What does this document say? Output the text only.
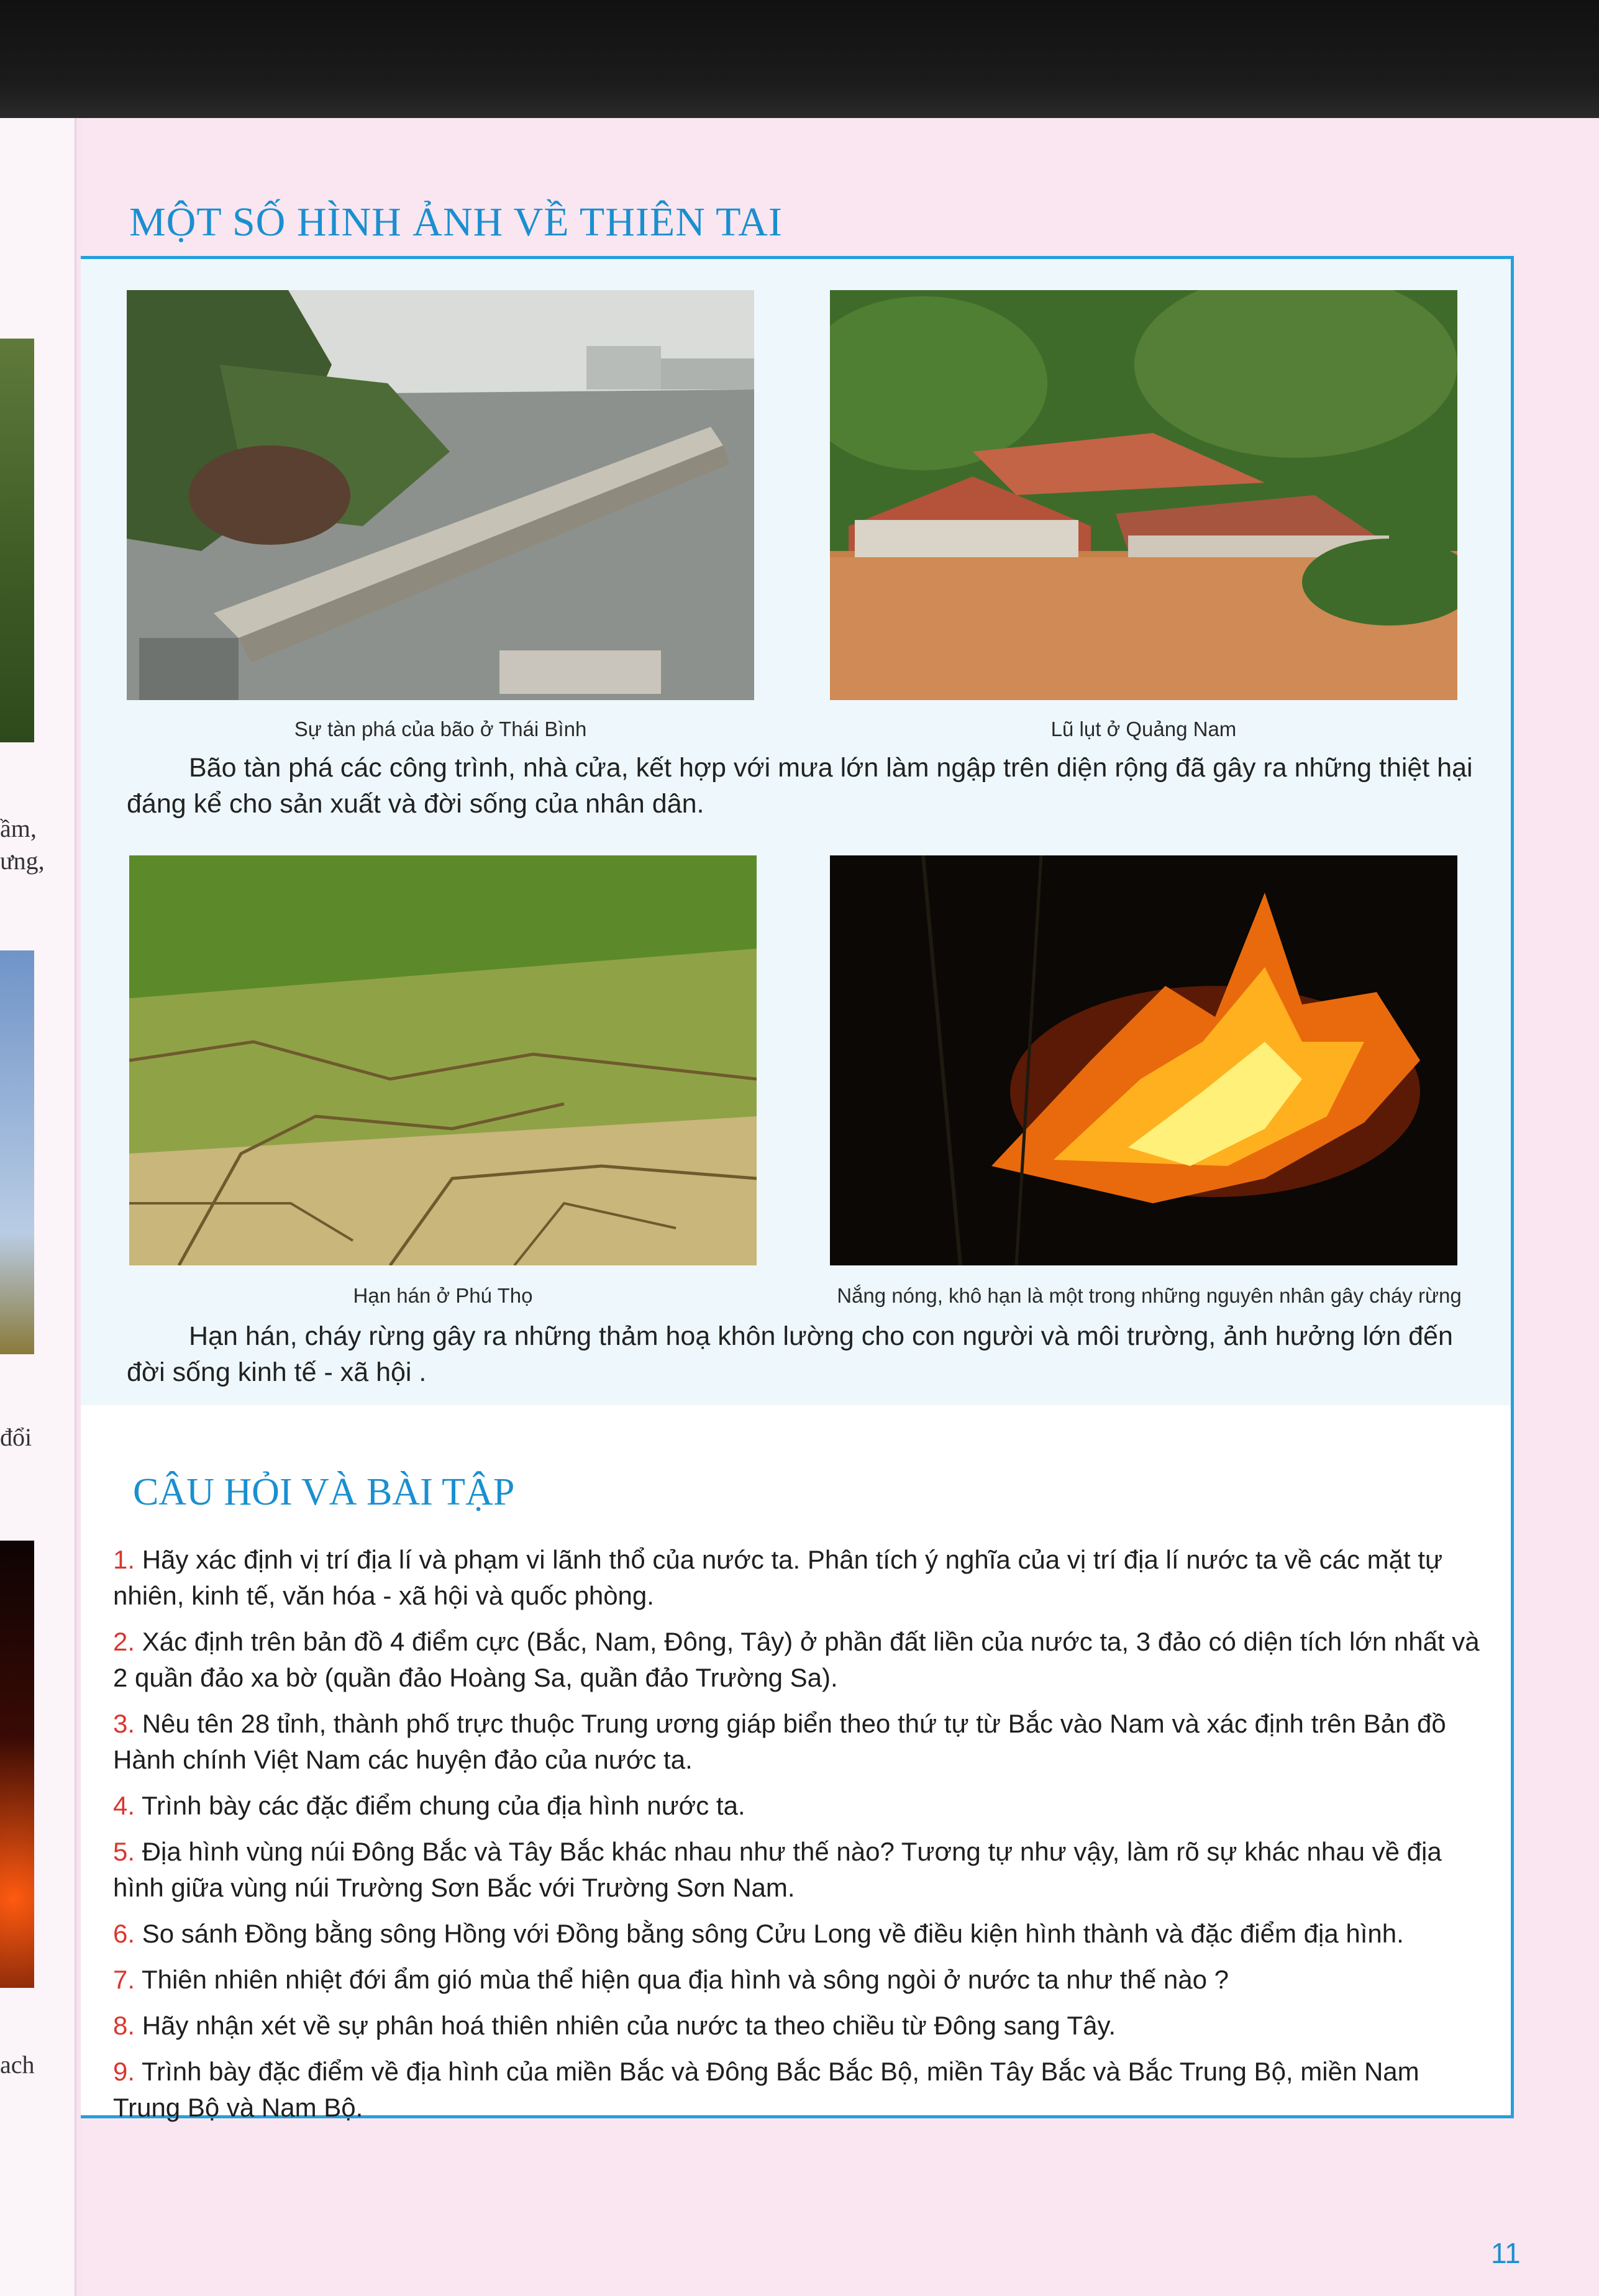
ầm,
ưng,
đổi
ach
MỘT SỐ HÌNH ẢNH VỀ THIÊN TAI
Sự tàn phá của bão ở Thái Bình	Lũ lụt ở Quảng Nam

Bão tàn phá các công trình, nhà cửa, kết hợp với mưa lớn làm ngập trên diện rộng đã gây ra những thiệt hại đáng kể cho sản xuất và đời sống của nhân dân.

Hạn hán ở Phú Thọ	Nắng nóng, khô hạn là một trong những nguyên nhân gây cháy rừng

Hạn hán, cháy rừng gây ra những thảm hoạ khôn lường cho con người và môi trường, ảnh hưởng lớn đến đời sống kinh tế - xã hội .

CÂU HỎI VÀ BÀI TẬP
1. Hãy xác định vị trí địa lí và phạm vi lãnh thổ của nước ta. Phân tích ý nghĩa của vị trí địa lí nước ta về các mặt tự nhiên, kinh tế, văn hóa - xã hội và quốc phòng.
2. Xác định trên bản đồ 4 điểm cực (Bắc, Nam, Đông, Tây) ở phần đất liền của nước ta, 3 đảo có diện tích lớn nhất và 2 quần đảo xa bờ (quần đảo Hoàng Sa, quần đảo Trường Sa).
3. Nêu tên 28 tỉnh, thành phố trực thuộc Trung ương giáp biển theo thứ tự từ Bắc vào Nam và xác định trên Bản đồ Hành chính Việt Nam các huyện đảo của nước ta.
4. Trình bày các đặc điểm chung của địa hình nước ta.
5. Địa hình vùng núi Đông Bắc và Tây Bắc khác nhau như thế nào? Tương tự như vậy, làm rõ sự khác nhau về địa hình giữa vùng núi Trường Sơn Bắc với Trường Sơn Nam.
6. So sánh Đồng bằng sông Hồng với Đồng bằng sông Cửu Long về điều kiện hình thành và đặc điểm địa hình.
7. Thiên nhiên nhiệt đới ẩm gió mùa thể hiện qua địa hình và sông ngòi ở nước ta như thế nào ?
8. Hãy nhận xét về sự phân hoá thiên nhiên của nước ta theo chiều từ Đông sang Tây.
9. Trình bày đặc điểm về địa hình của miền Bắc và Đông Bắc Bắc Bộ, miền Tây Bắc và Bắc Trung Bộ, miền Nam Trung Bộ và Nam Bộ.
11
